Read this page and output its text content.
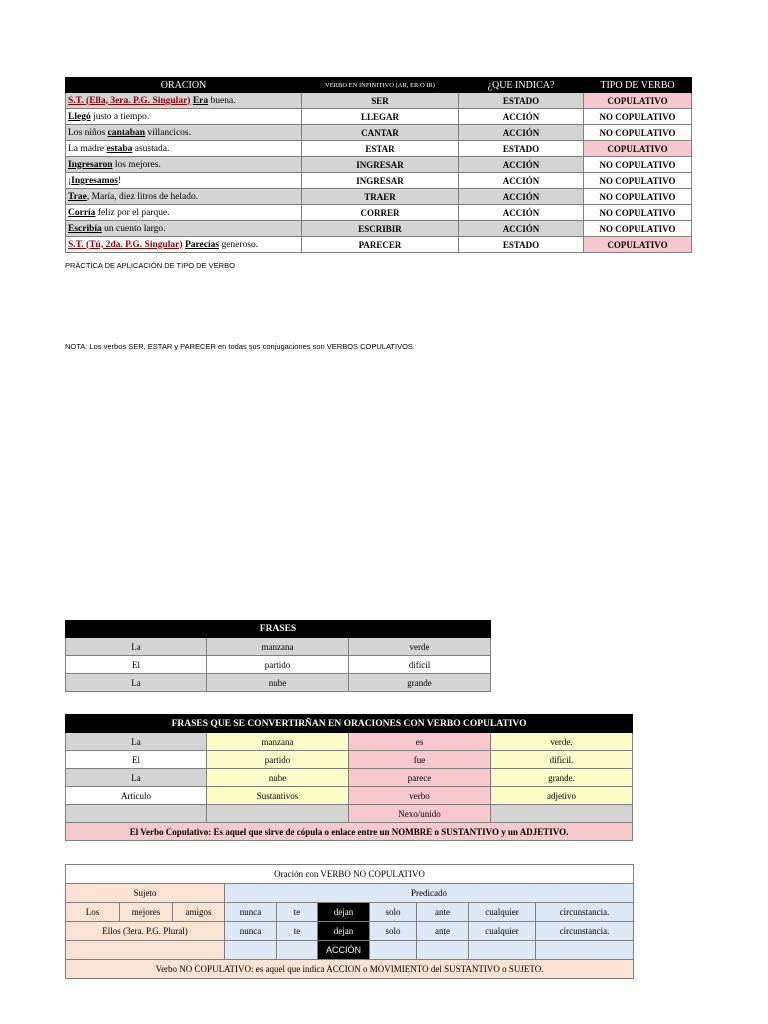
ORACION	VERBO EN INFINITIVO (AR, ER O IR)	¿QUE INDICA?	TIPO DE VERBO
S.T. (Ella, 3era. P.G. Singular) Era buena.	SER	ESTADO	COPULATIVO
Llegó justo a tiempo.	LLEGAR	ACCIÓN	NO COPULATIVO
Los niños cantaban villancicos.	CANTAR	ACCIÓN	NO COPULATIVO
La madre estaba asustada.	ESTAR	ESTADO	COPULATIVO
Ingresaron los mejores.	INGRESAR	ACCIÓN	NO COPULATIVO
¡Ingresamos!	INGRESAR	ACCIÓN	NO COPULATIVO
Trae, María, diez litros de helado.	TRAER	ACCIÓN	NO COPULATIVO
Corría feliz por el parque.	CORRER	ACCIÓN	NO COPULATIVO
Escribía un cuento largo.	ESCRIBIR	ACCIÓN	NO COPULATIVO
S.T. (Tú, 2da. P.G. Singular) Parecías generoso.	PARECER	ESTADO	COPULATIVO
PRÁCTICA DE APLICACIÓN DE TIPO DE VERBO
NOTA: Los verbos SER, ESTAR y PARECER en todas sus conjugaciones son VERBOS COPULATIVOS.
FRASES		
La	manzana	verde
El	partido	difícil
La	nube	grande
FRASES QUE SE CONVERTIRÑAN EN ORACIONES CON VERBO COPULATIVO			
La	manzana	es	verde.
El	partido	fue	difícil.
La	nube	parece	grande.
Artículo	Sustantivos	verbo	adjetivo
		Nexo/unido	
El Verbo Copulativo: Es aquel que sirve de cópula o enlace entre un NOMBRE o SUSTANTIVO y un ADJETIVO.			
Oración con VERBO NO COPULATIVO									
Sujeto			Predicado						
Los	mejores	amigos	nunca	te	dejan	solo	ante	cualquier	circunstancia.
Ellos (3era. P.G. Plural)			nunca	te	dejan	solo	ante	cualquier	circunstancia.
					ACCIÓN				
Verbo NO COPULATIVO: es aquel que indica ACCION o MOVIMIENTO del SUSTANTIVO o SUJETO.									
